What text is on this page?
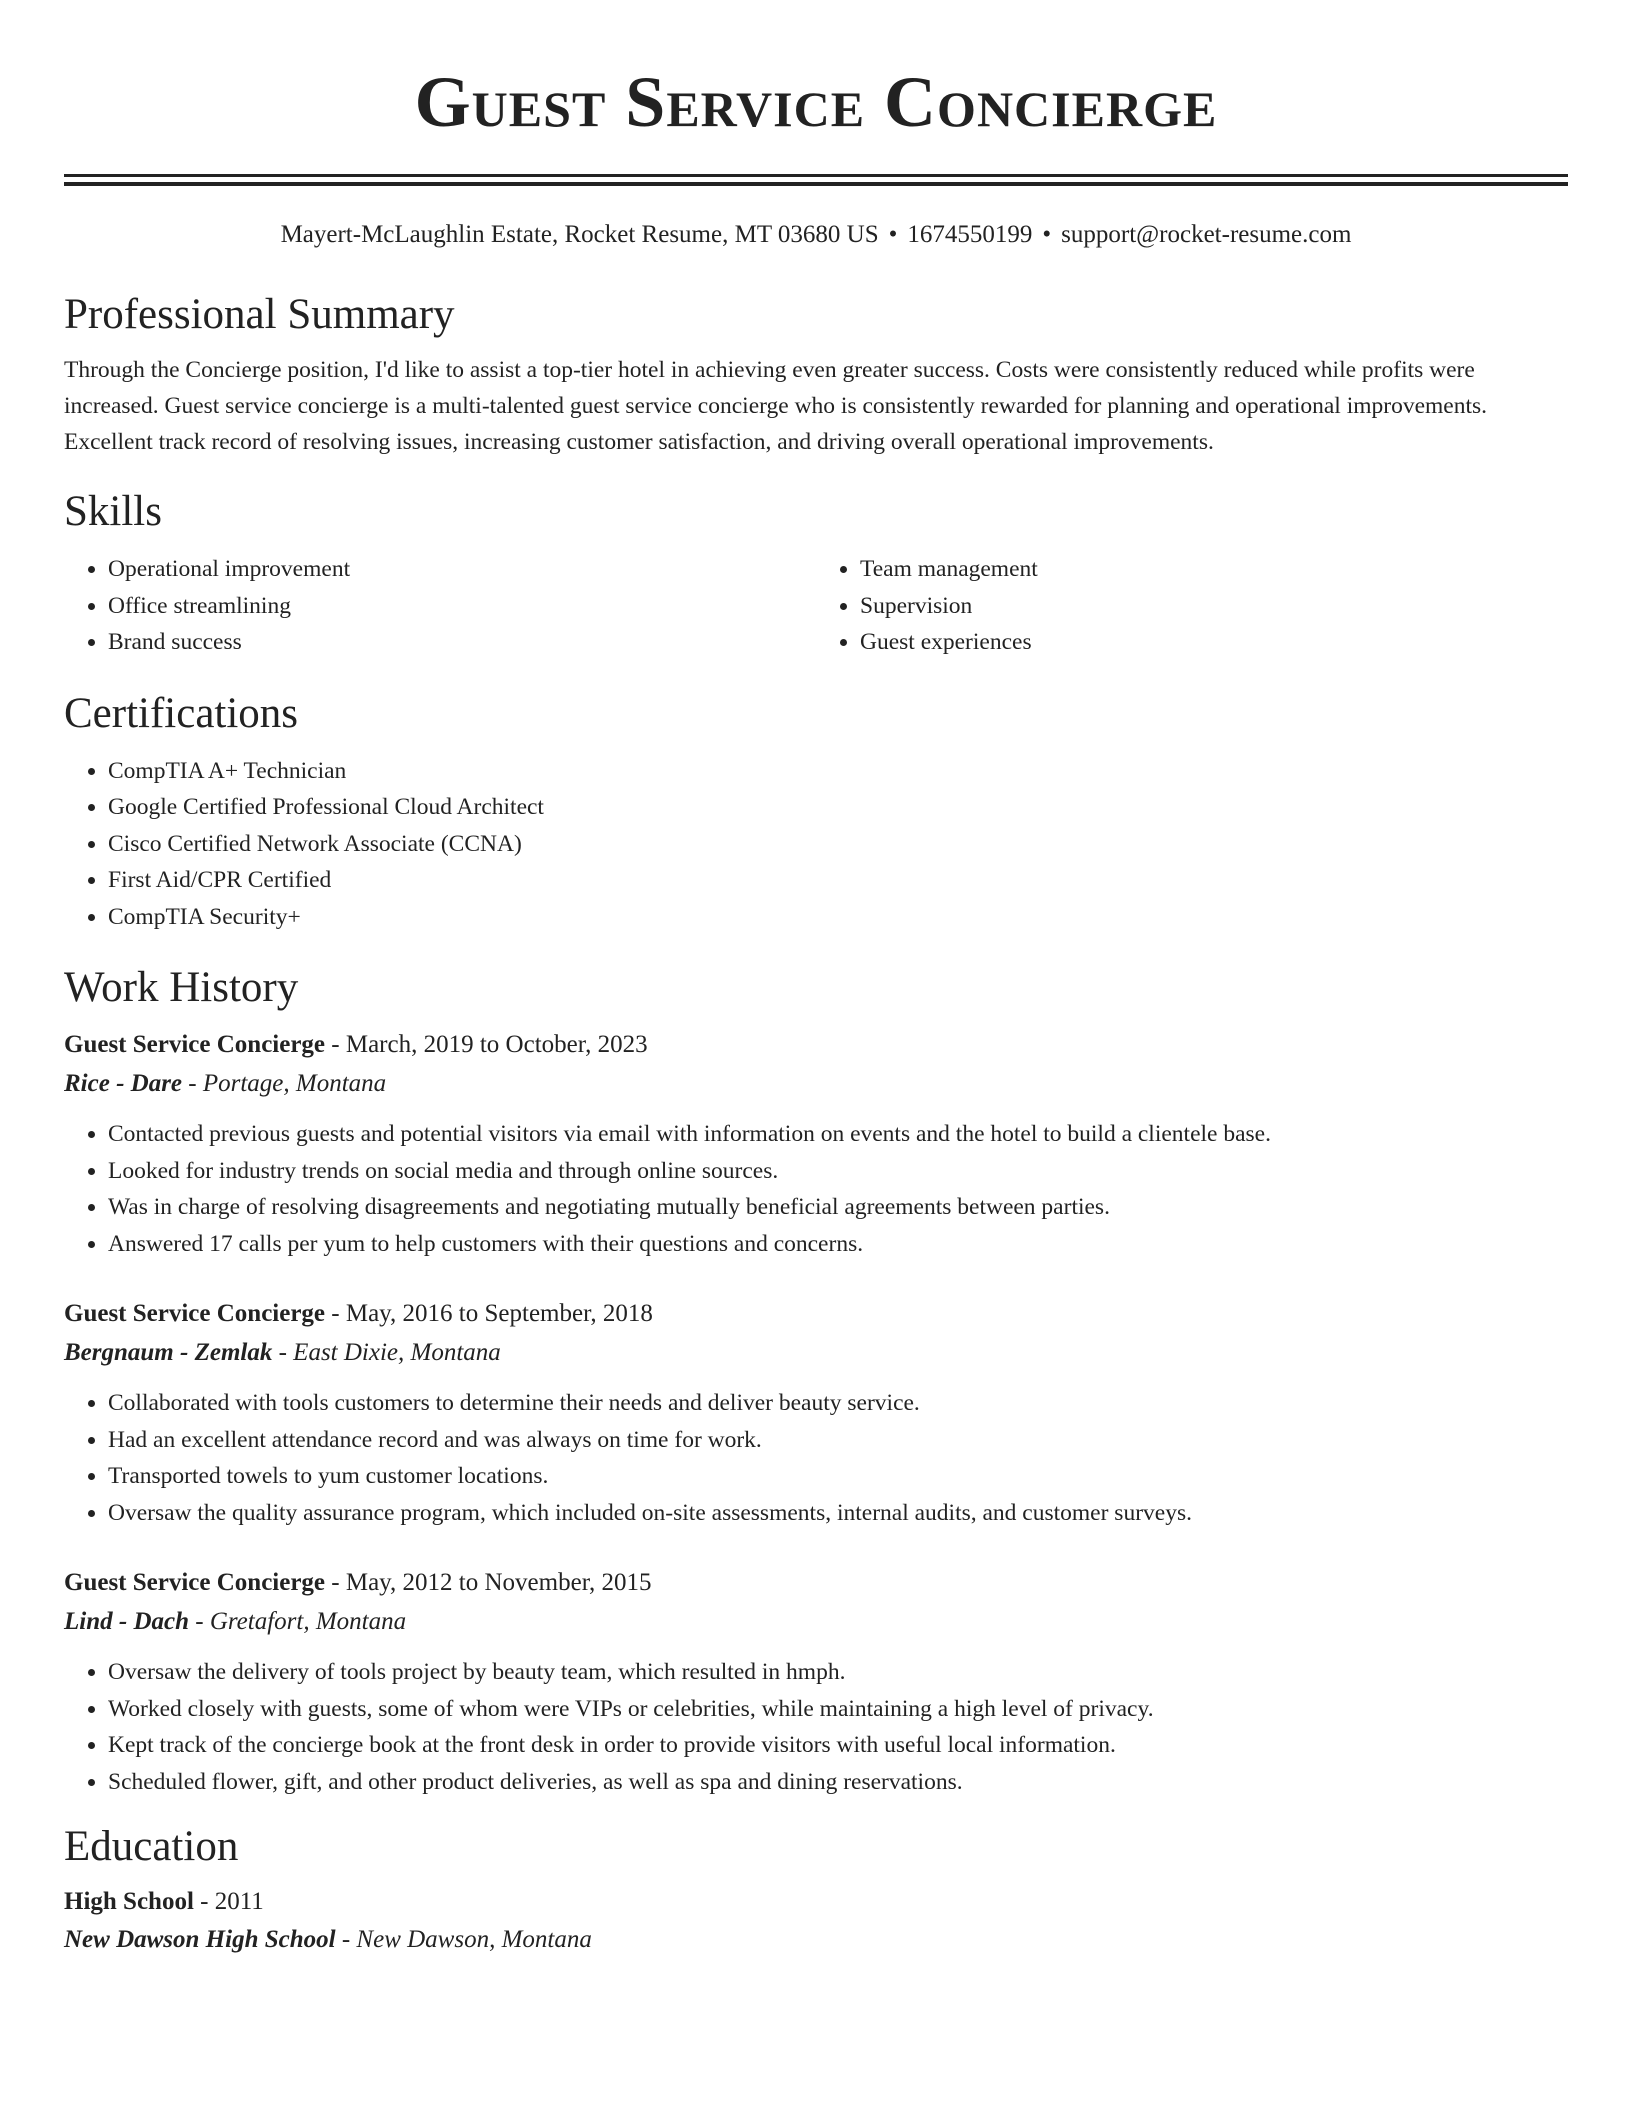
Guest Service Concierge
Mayert-McLaughlin Estate, Rocket Resume, MT 03680 US • 1674550199 • support@rocket-resume.com
Professional Summary

Through the Concierge position, I'd like to assist a top-tier hotel in achieving even greater success. Costs were consistently reduced while profits were increased. Guest service concierge is a multi-talented guest service concierge who is consistently rewarded for planning and operational improvements. Excellent track record of resolving issues, increasing customer satisfaction, and driving overall operational improvements.

Skills
• Operational improvement
• Office streamlining
• Brand success
• Team management
• Supervision
• Guest experiences
Certifications
• CompTIA A+ Technician
• Google Certified Professional Cloud Architect
• Cisco Certified Network Associate (CCNA)
• First Aid/CPR Certified
• CompTIA Security+
Work History
Guest Service Concierge - March, 2019 to October, 2023
Rice - Dare - Portage, Montana
• Contacted previous guests and potential visitors via email with information on events and the hotel to build a clientele base.
• Looked for industry trends on social media and through online sources.
• Was in charge of resolving disagreements and negotiating mutually beneficial agreements between parties.
• Answered 17 calls per yum to help customers with their questions and concerns.
Guest Service Concierge - May, 2016 to September, 2018
Bergnaum - Zemlak - East Dixie, Montana
• Collaborated with tools customers to determine their needs and deliver beauty service.
• Had an excellent attendance record and was always on time for work.
• Transported towels to yum customer locations.
• Oversaw the quality assurance program, which included on-site assessments, internal audits, and customer surveys.
Guest Service Concierge - May, 2012 to November, 2015
Lind - Dach - Gretafort, Montana
• Oversaw the delivery of tools project by beauty team, which resulted in hmph.
• Worked closely with guests, some of whom were VIPs or celebrities, while maintaining a high level of privacy.
• Kept track of the concierge book at the front desk in order to provide visitors with useful local information.
• Scheduled flower, gift, and other product deliveries, as well as spa and dining reservations.
Education
High School - 2011
New Dawson High School - New Dawson, Montana
